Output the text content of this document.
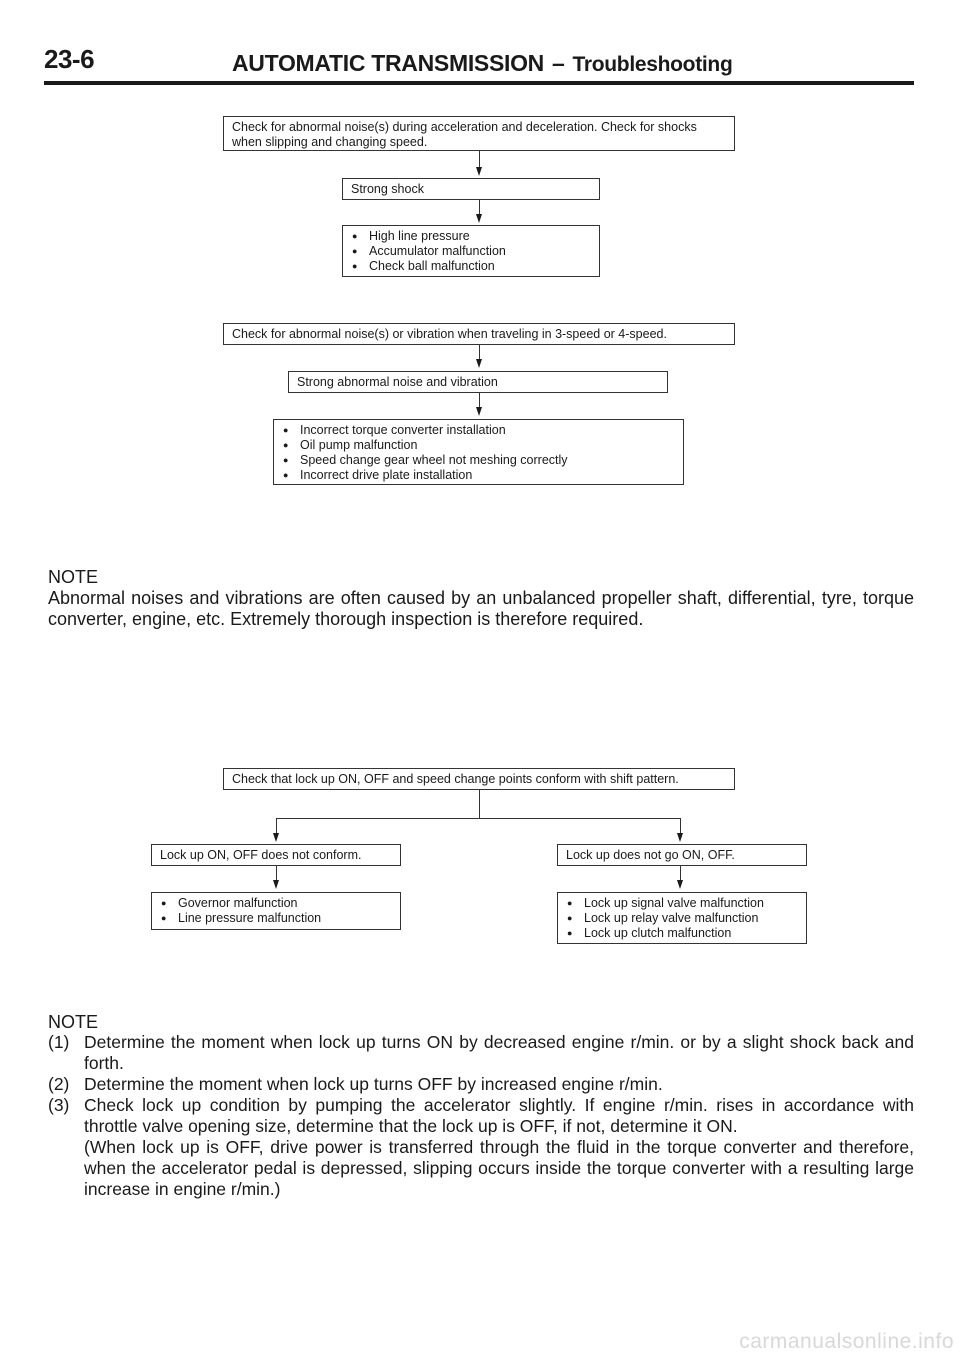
23-6	AUTOMATIC TRANSMISSION – Troubleshooting
Check for abnormal noise(s) during acceleration and deceleration. Check for shocks when slipping and changing speed.
Strong shock
● High line pressure
● Accumulator malfunction
● Check ball malfunction
Check for abnormal noise(s) or vibration when traveling in 3-speed or 4-speed.
Strong abnormal noise and vibration
● Incorrect torque converter installation
● Oil pump malfunction
● Speed change gear wheel not meshing correctly
● Incorrect drive plate installation
NOTE
Abnormal noises and vibrations are often caused by an unbalanced propeller shaft, differential, tyre, torque converter, engine, etc. Extremely thorough inspection is therefore required.
Check that lock up ON, OFF and speed change points conform with shift pattern.
Lock up ON, OFF does not conform.
● Governor malfunction
● Line pressure malfunction
Lock up does not go ON, OFF.
● Lock up signal valve malfunction
● Lock up relay valve malfunction
● Lock up clutch malfunction
NOTE
(1) Determine the moment when lock up turns ON by decreased engine r/min. or by a slight shock back and forth.
(2) Determine the moment when lock up turns OFF by increased engine r/min.
(3) Check lock up condition by pumping the accelerator slightly. If engine r/min. rises in accordance with throttle valve opening size, determine that the lock up is OFF, if not, determine it ON.
(When lock up is OFF, drive power is transferred through the fluid in the torque converter and therefore, when the accelerator pedal is depressed, slipping occurs inside the torque converter with a resulting large increase in engine r/min.)
carmanualsonline.info
